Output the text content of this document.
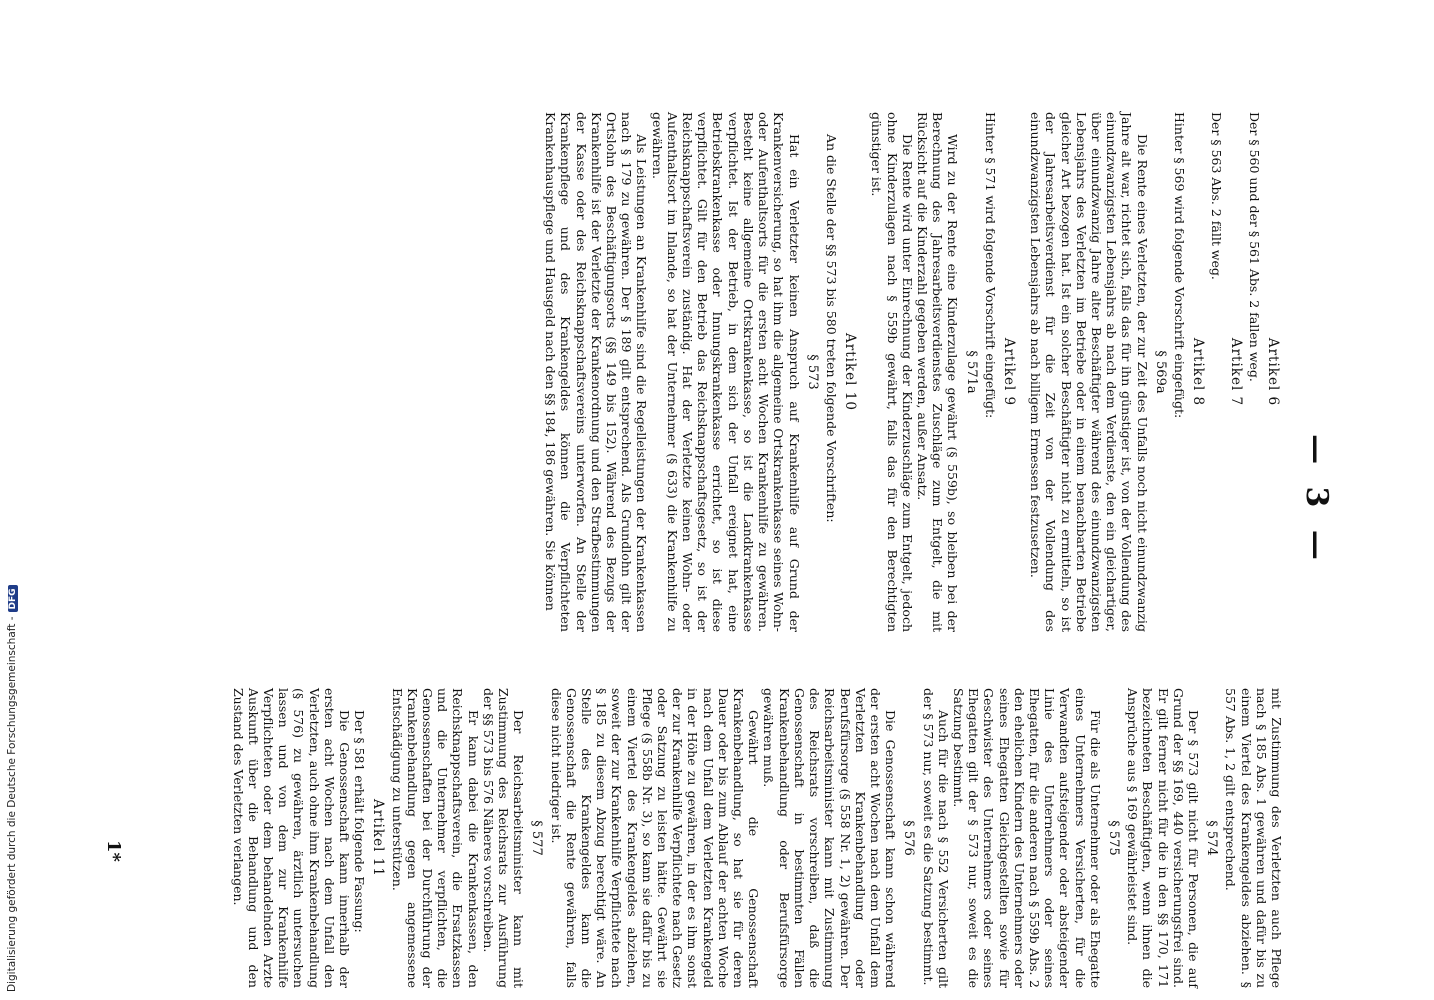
— 3 —
Artikel 6

Der § 560 und der § 561 Abs. 2 fallen weg.

Artikel 7

Der § 563 Abs. 2 fällt weg.

Artikel 8

Hinter § 569 wird folgende Vorschrift eingefügt:

§ 569a

Die Rente eines Verletzten, der zur Zeit des Unfalls noch nicht einundzwanzig Jahre alt war, richtet sich, falls das für ihn günstiger ist, von der Vollendung des einundzwanzigsten Lebensjahrs ab nach dem Verdienste, den ein gleichartiger, über einundzwanzig Jahre alter Beschäftigter während des einundzwanzigsten Lebensjahrs des Verletzten im Betriebe oder in einem benachbarten Betriebe gleicher Art bezogen hat. Ist ein solcher Beschäftigter nicht zu ermitteln, so ist der Jahresarbeitsverdienst für die Zeit von der Vollendung des einundzwanzigsten Lebensjahrs ab nach billigem Ermessen festzusetzen.

Artikel 9

Hinter § 571 wird folgende Vorschrift eingefügt:

§ 571a

Wird zu der Rente eine Kinderzulage gewährt (§ 559b), so bleiben bei der Berechnung des Jahresarbeitsverdienstes Zuschläge zum Entgelt, die mit Rücksicht auf die Kinderzahl gegeben werden, außer Ansatz.

Die Rente wird unter Einrechnung der Kinderzuschläge zum Entgelt, jedoch ohne Kinderzulagen nach § 559b gewährt, falls das für den Berechtigten günstiger ist.

Artikel 10

An die Stelle der §§ 573 bis 580 treten folgende Vorschriften:

§ 573

Hat ein Verletzter keinen Anspruch auf Krankenhilfe auf Grund der Krankenversicherung, so hat ihm die allgemeine Ortskrankenkasse seines Wohn- oder Aufenthaltsorts für die ersten acht Wochen Krankenhilfe zu gewähren. Besteht keine allgemeine Ortskrankenkasse, so ist die Landkrankenkasse verpflichtet. Ist der Betrieb, in dem sich der Unfall ereignet hat, eine Betriebskrankenkasse oder Innungskrankenkasse errichtet, so ist diese verpflichtet. Gilt für den Betrieb das Reichsknappschaftsgesetz, so ist der Reichsknappschaftsverein zuständig. Hat der Verletzte keinen Wohn- oder Aufenthaltsort im Inlande, so hat der Unternehmer (§ 633) die Krankenhilfe zu gewähren.

Als Leistungen an Krankenhilfe sind die Regelleistungen der Krankenkassen nach § 179 zu gewähren. Der § 189 gilt entsprechend. Als Grundlohn gilt der Ortslohn des Beschäftigungsorts (§§ 149 bis 152). Während des Bezugs der Krankenhilfe ist der Verletzte der Krankenordnung und den Strafbestimmungen der Kasse oder des Reichsknappschaftsvereins unterworfen. An Stelle der Krankenpflege und des Krankengeldes können die Verpflichteten Krankenhauspflege und Hausgeld nach den §§ 184, 186 gewähren. Sie können

mit Zustimmung des Verletzten auch Pflege nach § 185 Abs. 1 gewähren und dafür bis zu einem Viertel des Krankengeldes abziehen. § 557 Abs. 1, 2 gilt entsprechend.

§ 574

Der § 573 gilt nicht für Personen, die auf Grund der §§ 169, 440 versicherungsfrei sind. Er gilt ferner nicht für die in den §§ 170, 171 bezeichneten Beschäftigten, wenn ihnen die Ansprüche aus § 169 gewährleistet sind.

§ 575

Für die als Unternehmer oder als Ehegatte eines Unternehmers Versicherten, für die Verwandten aufsteigender oder absteigender Linie des Unternehmers oder seines Ehegatten, für die anderen nach § 559b Abs. 2 den ehelichen Kindern des Unternehmers oder seines Ehegatten Gleichgestellten sowie für Geschwister des Unternehmers oder seines Ehegatten gilt der § 573 nur, soweit es die Satzung bestimmt.

Auch für die nach § 552 Versicherten gilt der § 573 nur, soweit es die Satzung bestimmt.

§ 576

Die Genossenschaft kann schon während der ersten acht Wochen nach dem Unfall dem Verletzten Krankenbehandlung oder Berufsfürsorge (§ 558 Nr. 1, 2) gewähren. Der Reichsarbeitsminister kann mit Zustimmung des Reichsrats vorschreiben, daß die Genossenschaft in bestimmten Fällen Krankenbehandlung oder Berufsfürsorge gewähren muß.

Gewährt die Genossenschaft Krankenbehandlung, so hat sie für deren Dauer oder bis zum Ablauf der achten Woche nach dem Unfall dem Verletzten Krankengeld in der Höhe zu gewähren, in der es ihm sonst der zur Krankenhilfe Verpflichtete nach Gesetz oder Satzung zu leisten hätte. Gewährt sie Pflege (§ 558b Nr. 3), so kann sie dafür bis zu einem Viertel des Krankengeldes abziehen, soweit der zur Krankenhilfe Verpflichtete nach § 185 zu diesem Abzug berechtigt wäre. An Stelle des Krankengeldes kann die Genossenschaft die Rente gewähren, falls diese nicht niedriger ist.

§ 577

Der Reichsarbeitsminister kann mit Zustimmung des Reichsrats zur Ausführung der §§ 573 bis 576 Näheres vorschreiben.

Er kann dabei die Krankenkassen, den Reichsknappschaftsverein, die Ersatzkassen und die Unternehmer verpflichten, die Genossenschaften bei der Durchführung der Krankenbehandlung gegen angemessene Entschädigung zu unterstützen.

Artikel 11

Der § 581 erhält folgende Fassung:

Die Genossenschaft kann innerhalb der ersten acht Wochen nach dem Unfall den Verletzten, auch ohne ihm Krankenbehandlung (§ 576) zu gewähren, ärztlich untersuchen lassen und von dem zur Krankenhilfe Verpflichteten oder dem behandelnden Arzte Auskunft über die Behandlung und den Zustand des Verletzten verlangen.

1*
Digitalisierung gefördert durch die Deutsche Forschungsgemeinschaft -DFG
